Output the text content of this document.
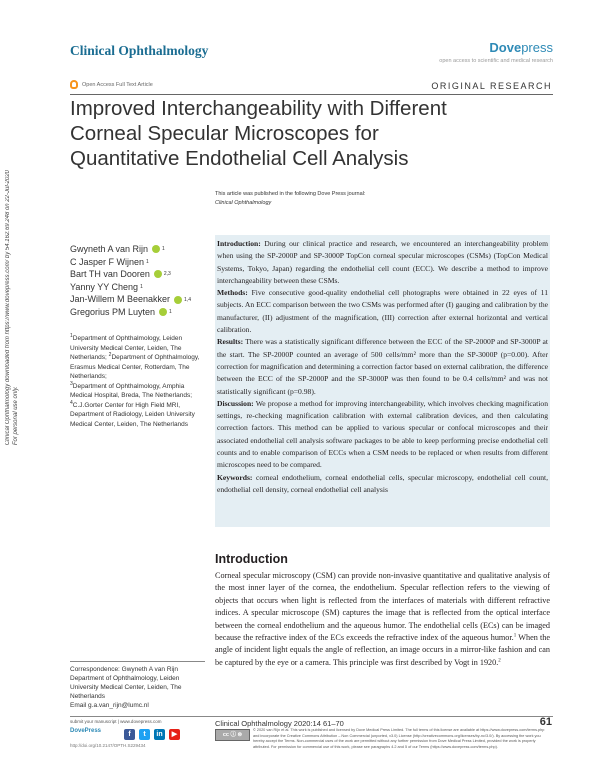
Clinical Ophthalmology	Dovepress
open access to scientific and medical research
Open Access Full Text Article	ORIGINAL RESEARCH
Improved Interchangeability with Different Corneal Specular Microscopes for Quantitative Endothelial Cell Analysis
This article was published in the following Dove Press journal:
Clinical Ophthalmology
Clinical Ophthalmology downloaded from https://www.dovepress.com/ by 54.162.69.248 on 22-Jul-2020 For personal use only.
Gwyneth A van Rijn	1
C Jasper F Wijnen 1
Bart TH van Dooren	2,3
Yanny YY Cheng 1
Jan-Willem M Beenakker	1,4
Gregorius PM Luyten	1
$^1$Department of Ophthalmology, Leiden University Medical Center, Leiden, The Netherlands; $^2$Department of Ophthalmology, Erasmus Medical Center, Rotterdam, The Netherlands;
$^3$Department of Ophthalmology, Amphia Medical Hospital, Breda, The Netherlands; $^4$C.J.Gorter Center for High Field MRI, Department of Radiology, Leiden University Medical Center, Leiden, The Netherlands
Introduction: During our clinical practice and research, we encountered an interchangeability problem when using the SP-2000P and SP-3000P TopCon corneal specular microscopes (CSMs) (TopCon Medical Systems, Tokyo, Japan) regarding the endothelial cell count (ECC). We describe a method to improve interchangeability between these CSMs.
Methods: Five consecutive good-quality endothelial cell photographs were obtained in 22 eyes of 11 subjects. An ECC comparison between the two CSMs was performed after (I) gauging and calibration by the manufacturer, (II) adjustment of the magnification, (III) correction after external horizontal and vertical calibration.
Results: There was a statistically significant difference between the ECC of the SP-2000P and SP-3000P at the start. The SP-2000P counted an average of 500 cells/mm² more than the SP-3000P (p=0.00). After correction for magnification and determining a correction factor based on external calibration, the difference between the ECC of the SP-2000P and the SP-3000P was then found to be 0.4 cells/mm² and was not statistically significant (p=0.98).
Discussion: We propose a method for improving interchangeability, which involves checking magnification settings, re-checking magnification calibration with external calibration devices, and then calculating correction factors. This method can be applied to various specular or confocal microscopes and their associated endothelial cell analysis software packages to be able to keep performing precise endothelial cell counts and to enable comparison of ECCs when a CSM needs to be replaced or when results from different microscopes need to be compared.
Keywords: corneal endothelium, corneal endothelial cells, specular microscopy, endothelial cell count, endothelial cell density, corneal endothelial cell analysis
Introduction
Corneal specular microscopy (CSM) can provide non-invasive quantitative and qualitative analysis of the most inner layer of the cornea, the endothelium. Specular reflection refers to the viewing of objects that occurs when light is reflected from the interfaces of materials with different refractive indices. A specular microscope (SM) captures the image that is reflected from the optical interface between the corneal endothelium and the aqueous humor. The endothelial cells (ECs) can be imaged because the refractive index of the ECs exceeds the refractive index of the aqueous humor.$^1$ When the angle of incident light equals the angle of reflection, an image occurs in a mirror-like fashion and can be captured by the eye or a camera. This principle was first described by Vogt in 1920.$^2$
Correspondence: Gwyneth A van Rijn
Department of Ophthalmology, Leiden University Medical Center, Leiden, The Netherlands
Email g.a.van_rijn@lumc.nl
submit your manuscript | www.dovepress.com
DovePress	f	t	in	▶
http://doi.org/10.2147/OPTH.S229434
Clinical Ophthalmology 2020:14 61–70	61
cc ⓘ ⊜
© 2020 van Rijn et al. This work is published and licensed by Dove Medical Press Limited. The full terms of this license are available at https://www.dovepress.com/terms.php and incorporate the Creative Commons Attribution – Non Commercial (unported, v3.0) License (http://creativecommons.org/licenses/by-nc/3.0/). By accessing the work you hereby accept the Terms. Non-commercial uses of the work are permitted without any further permission from Dove Medical Press Limited, provided the work is properly attributed. For permission for commercial use of this work, please see paragraphs 4.2 and 5 of our Terms (https://www.dovepress.com/terms.php).
